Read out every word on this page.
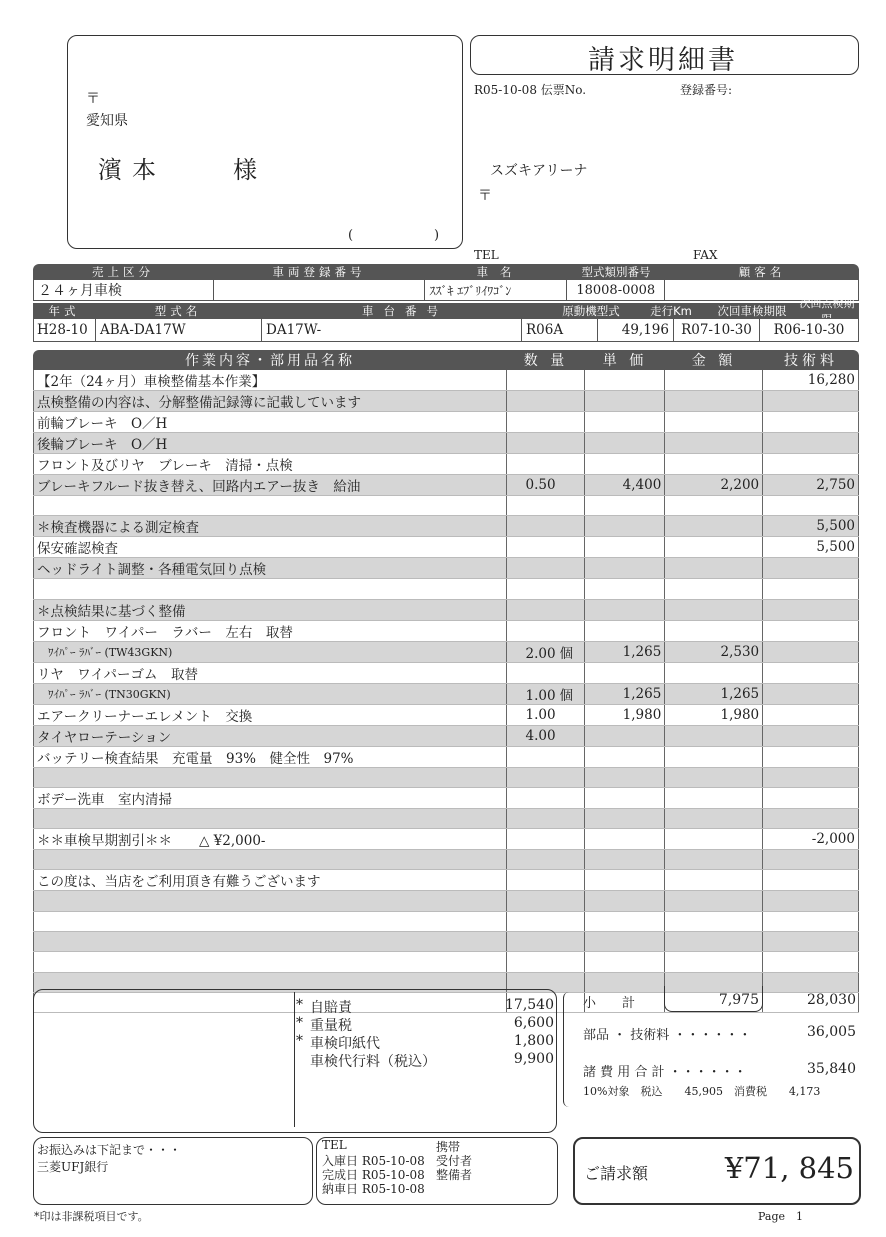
〒
愛知県
濱本	様
(	)
請求明細書
R05-10-08 伝票No.	登録番号:
スズキアリーナ
〒
TEL	FAX
売上区分	車両登録番号	車 名	型式類別番号	顧客名
２４ヶ月車検		ｽｽﾞｷ ｴﾌﾞﾘｲﾜｺﾞﾝ	18008-0008	
年式	型式名	車台番号	原動機型式	走行Km	次回車検期限
次回点検期限
H28-10	ABA-DA17W	DA17W-	R06A	49,196	R07-10-30	R06-10-30
作業内容・部用品名称	数 量	単 価	金 額	技術料
【2年（24ヶ月）車検整備基本作業】				16,280
点検整備の内容は、分解整備記録簿に記載しています				
前輪ブレーキ　O／H				
後輪ブレーキ　O／H				
フロント及びリヤ　ブレーキ　清掃・点検				
ブレーキフルード抜き替え、回路内エアー抜き　給油	0.50	4,400	2,200	2,750

＊検査機器による測定検査				5,500
保安確認検査				5,500
ヘッドライト調整・各種電気回り点検				

＊点検結果に基づく整備				
フロント　ワイパー　ラバー　左右　取替				
　ﾜｲﾊﾟｰ ﾗﾊﾞｰ (TW43GKN)	2.00 個	1,265	2,530	
リヤ　ワイパーゴム　取替				
　ﾜｲﾊﾟｰ ﾗﾊﾞｰ (TN30GKN)	1.00 個	1,265	1,265	
エアークリーナーエレメント　交換	1.00	1,980	1,980	
タイヤローテーション	4.00			
バッテリー検査結果　充電量　93%　健全性　97%				

ボデー洗車　室内清掃				

＊＊車検早期割引＊＊　　△ ¥2,000-				-2,000

この度は、当店をご利用頂き有難うございます				

* 自賠責	17,540
* 重量税	6,600
* 車検印紙代	1,800
車検代行料（税込）	9,900
小　　計	7,975	28,030
部品 ・ 技術料 ・・・・・・	36,005
諸 費 用 合 計 ・・・・・・	35,840
10%対象　税込　　45,905　消費税　　4,173
お振込みは下記まで・・・
三菱UFJ銀行
TEL	携帯
入庫日 R05-10-08 受付者
完成日 R05-10-08 整備者
納車日 R05-10-08
ご請求額	¥71, 845
*印は非課税項目です。	Page　1
